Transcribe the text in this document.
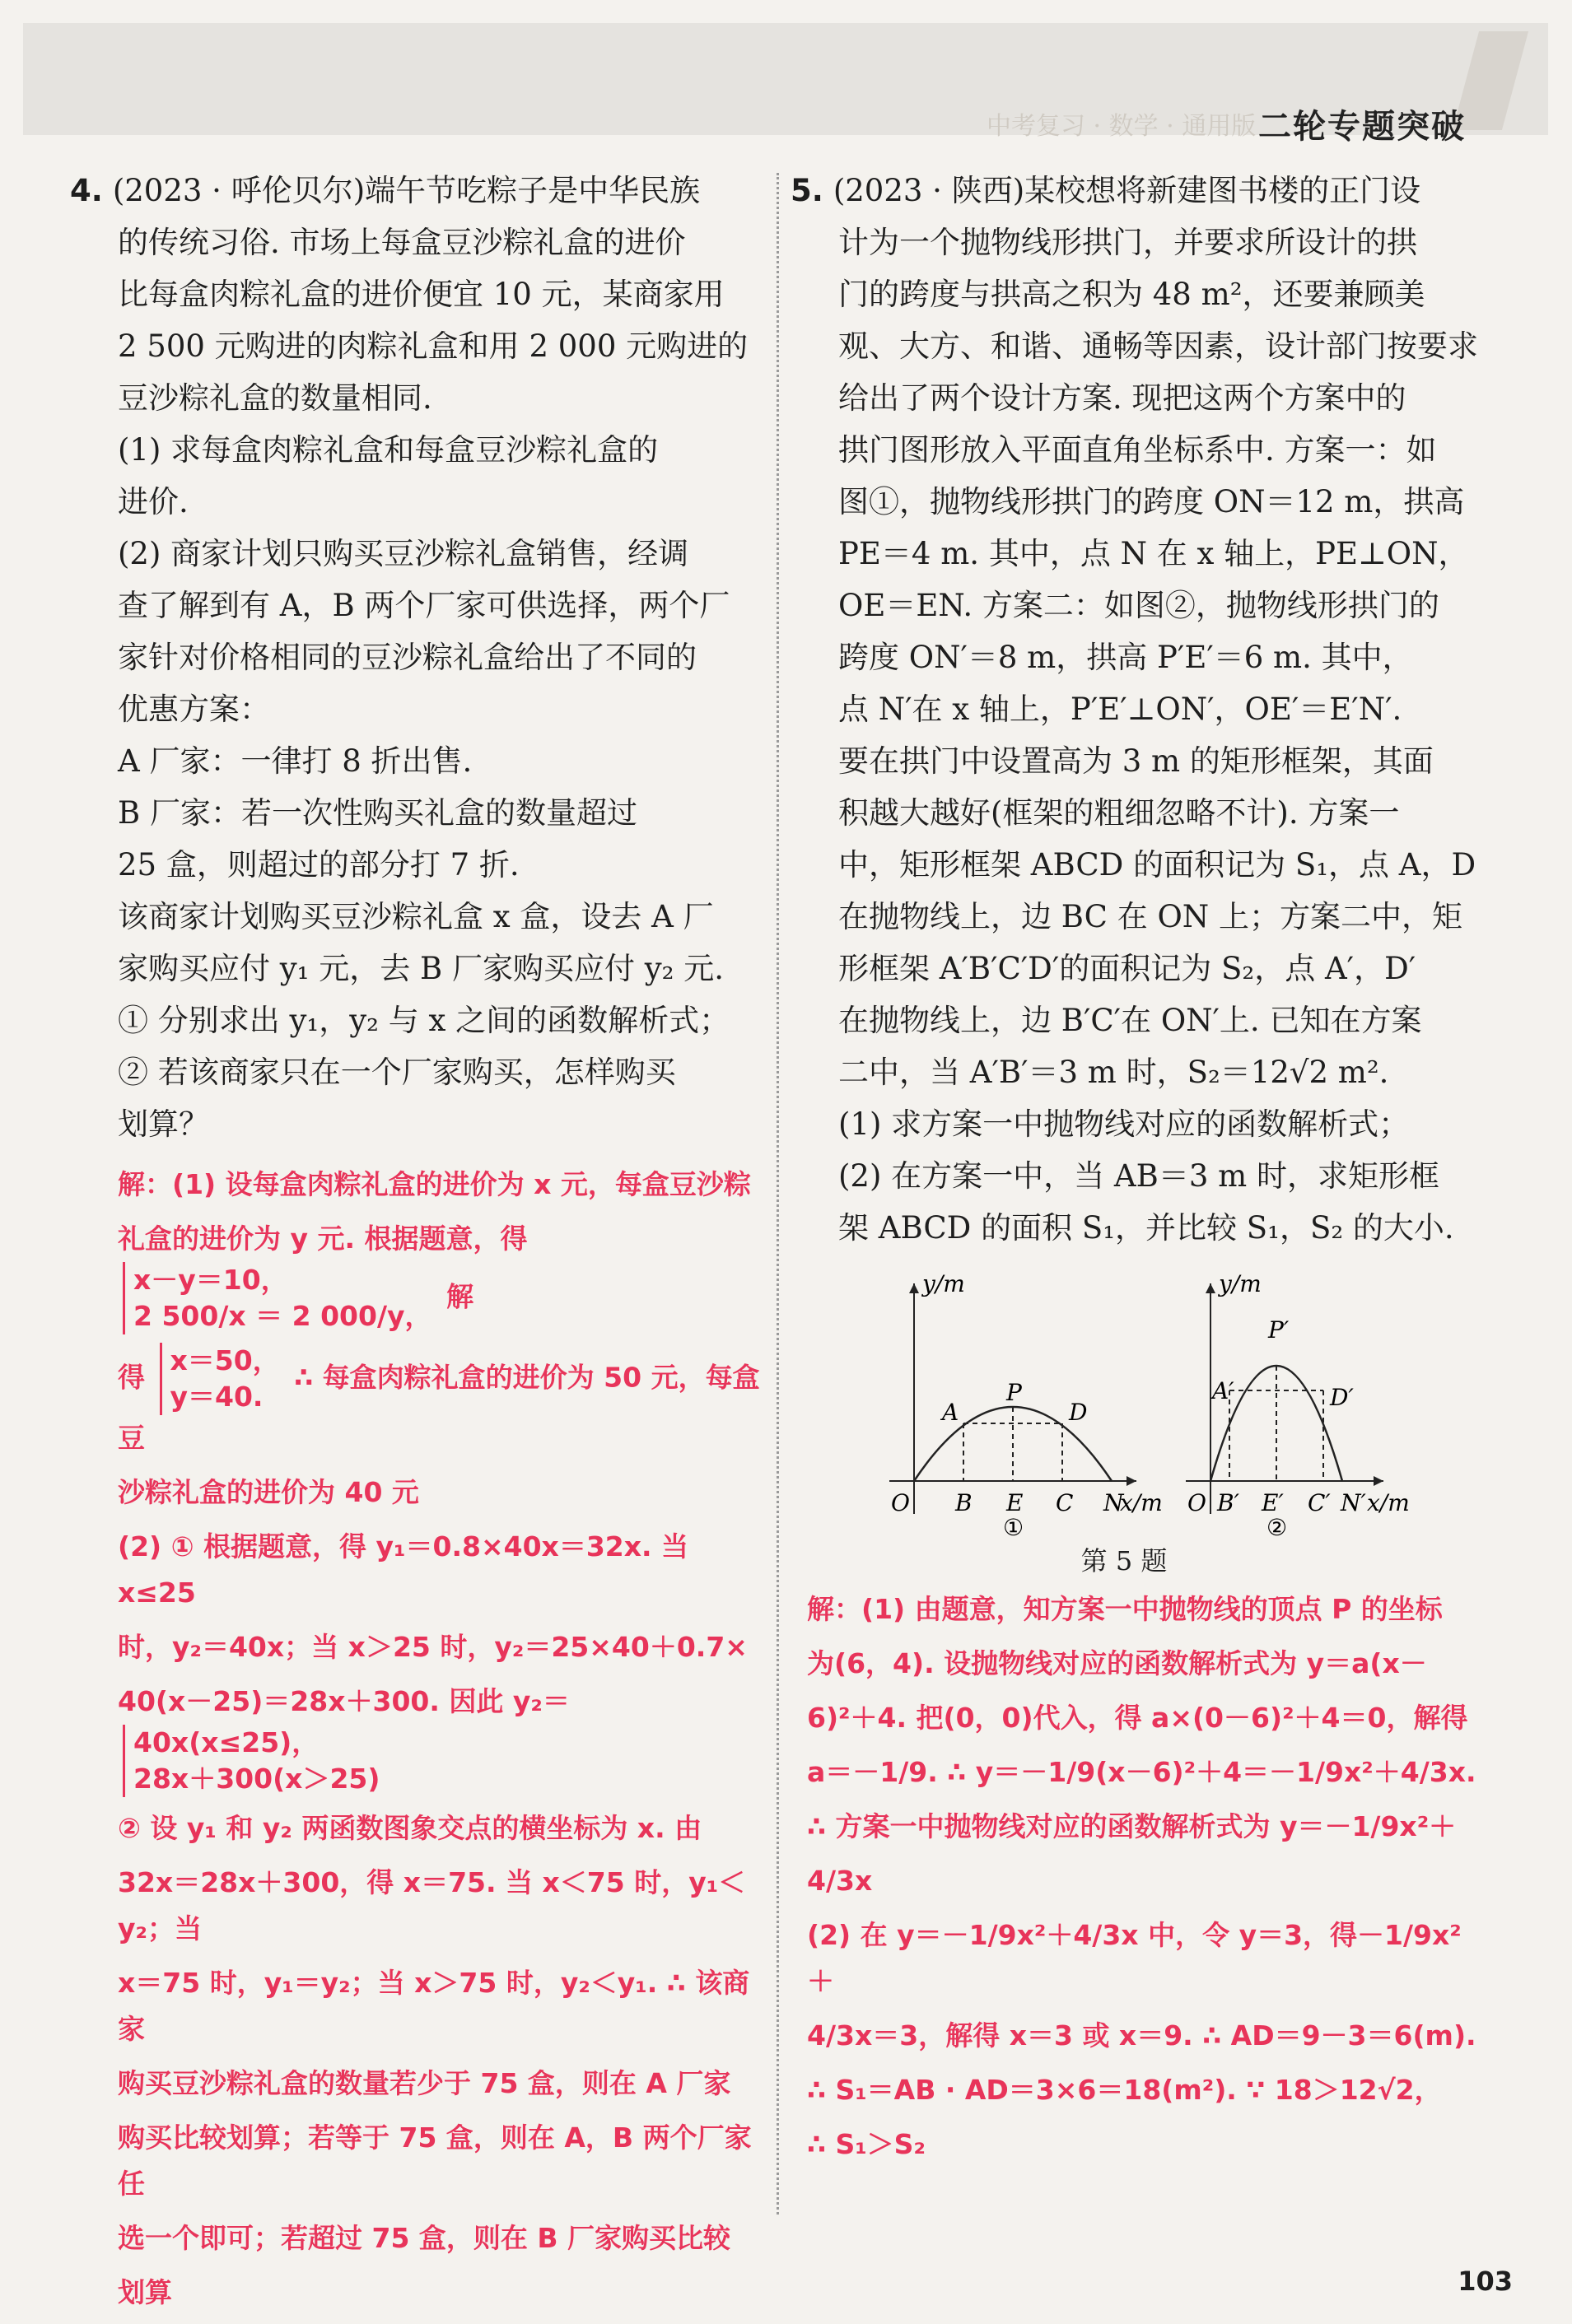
中考复习 · 数学 · 通用版 二轮专题突破

4. (2023 · 呼伦贝尔)端午节吃粽子是中华民族

的传统习俗. 市场上每盒豆沙粽礼盒的进价

比每盒肉粽礼盒的进价便宜 10 元，某商家用

2 500 元购进的肉粽礼盒和用 2 000 元购进的

豆沙粽礼盒的数量相同.

(1) 求每盒肉粽礼盒和每盒豆沙粽礼盒的

进价.

(2) 商家计划只购买豆沙粽礼盒销售，经调

查了解到有 A，B 两个厂家可供选择，两个厂

家针对价格相同的豆沙粽礼盒给出了不同的

优惠方案：

A 厂家：一律打 8 折出售.

B 厂家：若一次性购买礼盒的数量超过

25 盒，则超过的部分打 7 折.

该商家计划购买豆沙粽礼盒 x 盒，设去 A 厂

家购买应付 y₁ 元，去 B 厂家购买应付 y₂ 元.

① 分别求出 y₁，y₂ 与 x 之间的函数解析式；

② 若该商家只在一个厂家购买，怎样购买

划算？

解：(1) 设每盒肉粽礼盒的进价为 x 元，每盒豆沙粽

礼盒的进价为 y 元. 根据题意，得 x－y＝10，
2 500/x ＝ 2 000/y， 解

得 x＝50，
y＝40. ∴ 每盒肉粽礼盒的进价为 50 元，每盒豆

沙粽礼盒的进价为 40 元

(2) ① 根据题意，得 y₁＝0.8×40x＝32x. 当 x≤25

时，y₂＝40x；当 x＞25 时，y₂＝25×40＋0.7×

40(x－25)＝28x＋300. 因此 y₂＝ 40x(x≤25)，
28x＋300(x＞25)

② 设 y₁ 和 y₂ 两函数图象交点的横坐标为 x. 由

32x＝28x＋300，得 x＝75. 当 x＜75 时，y₁＜y₂；当

x＝75 时，y₁＝y₂；当 x＞75 时，y₂＜y₁. ∴ 该商家

购买豆沙粽礼盒的数量若少于 75 盒，则在 A 厂家

购买比较划算；若等于 75 盒，则在 A，B 两个厂家任

选一个即可；若超过 75 盒，则在 B 厂家购买比较

划算

5. (2023 · 陕西)某校想将新建图书楼的正门设

计为一个抛物线形拱门，并要求所设计的拱

门的跨度与拱高之积为 48 m²，还要兼顾美

观、大方、和谐、通畅等因素，设计部门按要求

给出了两个设计方案. 现把这两个方案中的

拱门图形放入平面直角坐标系中. 方案一：如

图①，抛物线形拱门的跨度 ON＝12 m，拱高

PE＝4 m. 其中，点 N 在 x 轴上，PE⊥ON，

OE＝EN. 方案二：如图②，抛物线形拱门的

跨度 ON′＝8 m，拱高 P′E′＝6 m. 其中，

点 N′在 x 轴上，P′E′⊥ON′，OE′＝E′N′.

要在拱门中设置高为 3 m 的矩形框架，其面

积越大越好(框架的粗细忽略不计). 方案一

中，矩形框架 ABCD 的面积记为 S₁，点 A，D

在抛物线上，边 BC 在 ON 上；方案二中，矩

形框架 A′B′C′D′的面积记为 S₂，点 A′，D′

在抛物线上，边 B′C′在 ON′上. 已知在方案

二中，当 A′B′＝3 m 时，S₂＝12√2 m².

(1) 求方案一中抛物线对应的函数解析式；

(2) 在方案一中，当 AB＝3 m 时，求矩形框

架 ABCD 的面积 S₁，并比较 S₁，S₂ 的大小.

y/m
x/m
O
P
A	D
B E C N
①
y/m
x/m
O
P′
A′	D′
B′ E′ C′ N′
②
第 5 题

解：(1) 由题意，知方案一中抛物线的顶点 P 的坐标

为(6，4). 设抛物线对应的函数解析式为 y＝a(x－

6)²＋4. 把(0，0)代入，得 a×(0－6)²＋4＝0，解得

a＝－1/9. ∴ y＝－1/9(x－6)²＋4＝－1/9x²＋4/3x.

∴ 方案一中抛物线对应的函数解析式为 y＝－1/9x²＋

4/3x

(2) 在 y＝－1/9x²＋4/3x 中，令 y＝3，得－1/9x²＋

4/3x＝3，解得 x＝3 或 x＝9. ∴ AD＝9－3＝6(m).

∴ S₁＝AB · AD＝3×6＝18(m²). ∵ 18＞12√2，

∴ S₁＞S₂

103
